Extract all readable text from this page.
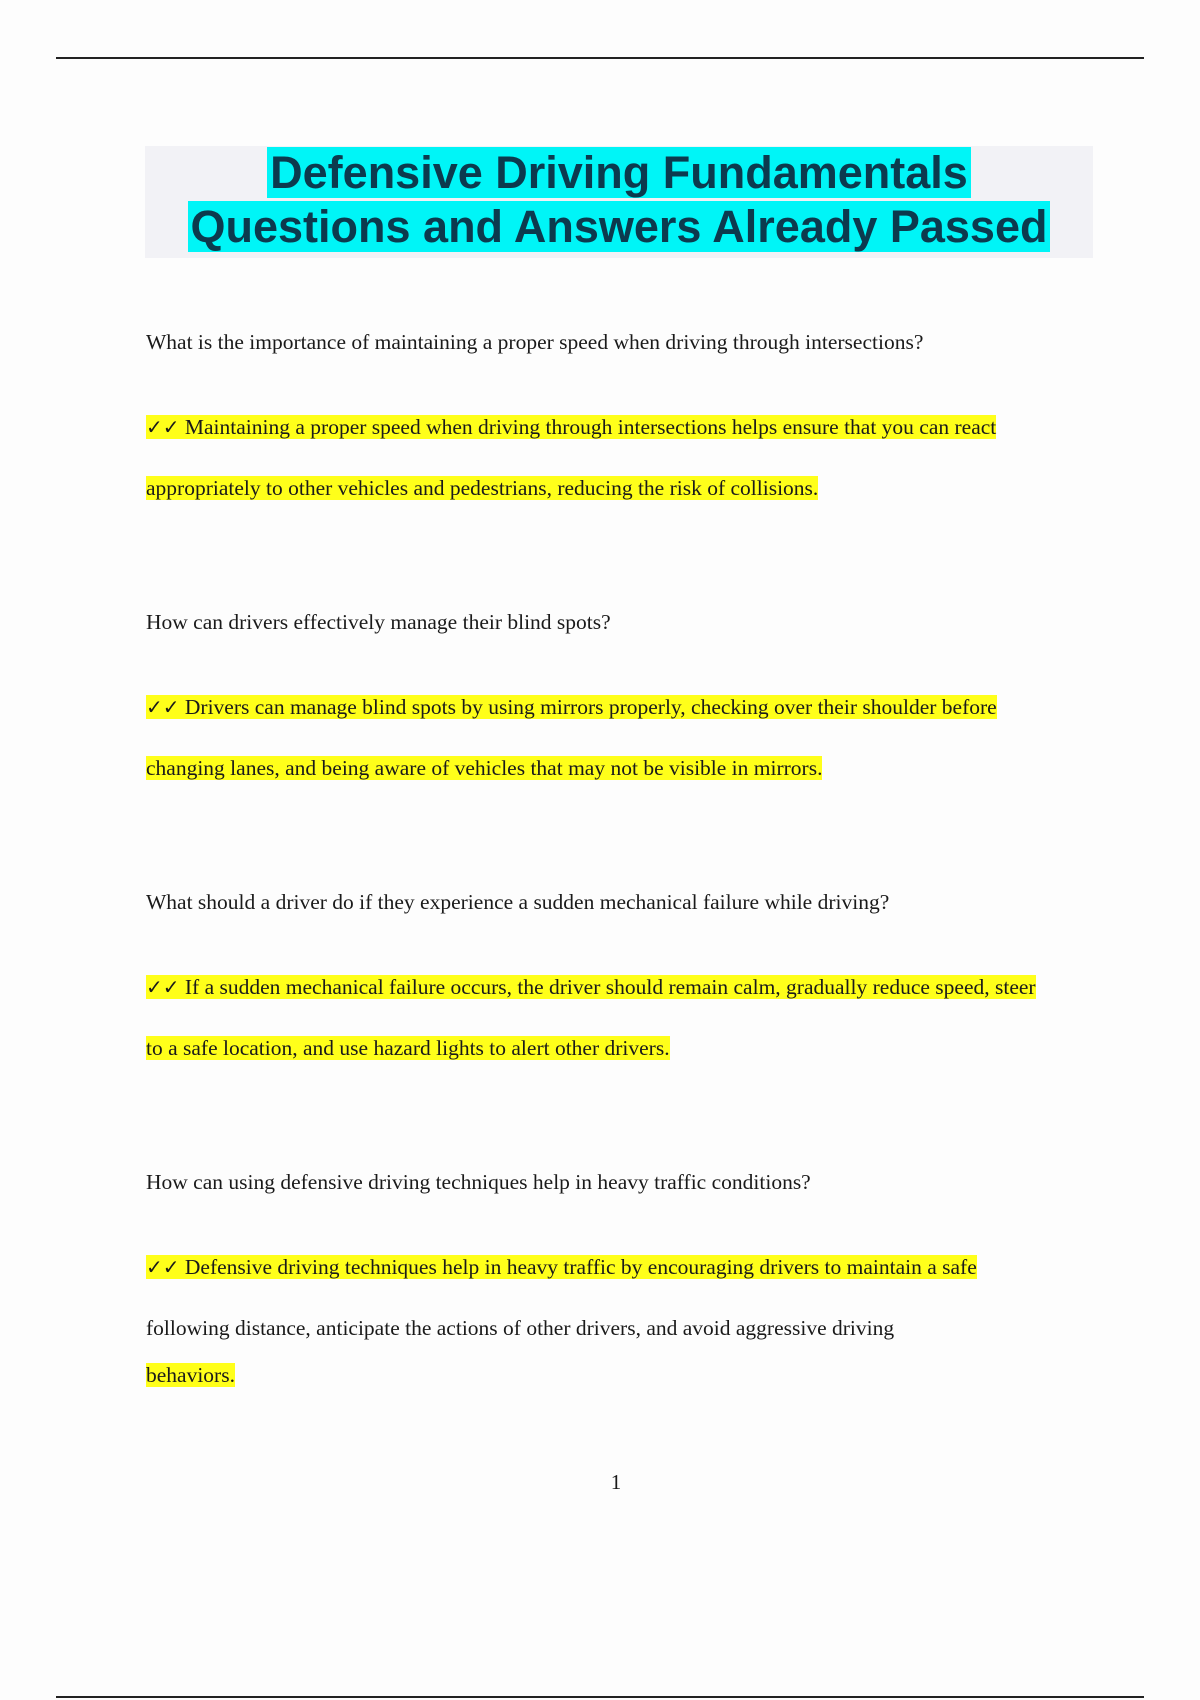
Defensive Driving Fundamentals
Questions and Answers Already Passed

What is the importance of maintaining a proper speed when driving through intersections?

✓✓ Maintaining a proper speed when driving through intersections helps ensure that you can react appropriately to other vehicles and pedestrians, reducing the risk of collisions.

How can drivers effectively manage their blind spots?

✓✓ Drivers can manage blind spots by using mirrors properly, checking over their shoulder before changing lanes, and being aware of vehicles that may not be visible in mirrors.

What should a driver do if they experience a sudden mechanical failure while driving?

✓✓ If a sudden mechanical failure occurs, the driver should remain calm, gradually reduce speed, steer to a safe location, and use hazard lights to alert other drivers.

How can using defensive driving techniques help in heavy traffic conditions?

✓✓ Defensive driving techniques help in heavy traffic by encouraging drivers to maintain a safe
following distance, anticipate the actions of other drivers, and avoid aggressive driving

behaviors.

1
